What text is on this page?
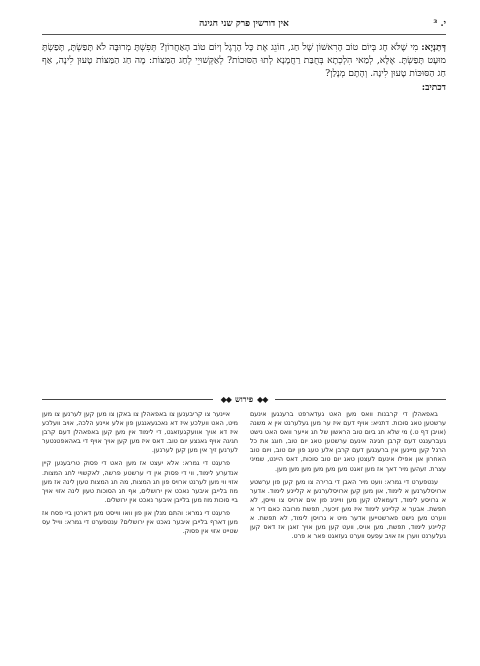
י. ³
אין דורשין פרק שני חגיגה
דְּתַנְיָא: מִי שֶׁלֹּא חָג בְּיוֹם טוֹב הָרִאשׁוֹן שֶׁל חַג, חוֹגֵג אֶת כָּל הָרֶגֶל וְיוֹם טוֹב הָאַחֲרוֹן? תְּפִשְׁתָּ מְרוּבָּה לֹא תָּפַשְׂתָּ, תָּפַשְׂתָּ מוּעָט תָּפַשְׂתָּ. אֶלָּא, לְמַאי הִלְכְתָא בְּחֻבַּת רַחֲמָנָא לְתוּ הַסּוּכוֹת? לְאַקְּשׁוּיֵי לְחַג הַמַּצּוֹת: מָה חַג הַמַּצּוֹת טָעוּן לִינָה, אַף חַג הַסּוּכּוֹת טָעוּן לִינָה. וְהָתָם מְנָלַן?
דכתיב:
◆◆ פירוש ◆◆

באפאהלן די קרבנות וואס מען האט געדארפט ברענגען אינעם ערשטען טאג סוכות. דתניא: אויף דעם איז ער מען געלערנט אין א משנה (אויבן דף ט.) מי שלא חג ביום טוב הראשון של חג אייער וואס האט נישט געברענגט דעם קרבן חגיגה אינעם ערשטען טאג יום טוב, חוגג את כל הרגל קען מיינען אין ברענגען דעם קרבן אלע טעג פון יום טוב, ויום טוב האחרון און אפילו אינעם לעצטן טאג יום טוב סוכות, דאס היינט, שמיני עצרת. זעהען מיר דאך אז מען זאגט מען מען מען מען מען מען.

ענטפערט די גמרא: וועט מיר האבן די ברירה צו מען קען פון ערשטע ארויסלערנען א לימוד, און מען קען ארויסלערנען א קליינע לימוד. אדער א גרויסע לימוד, דעמאלט קען מען ווייניג פון אים ארויס צו ווייסן, לא תפשת. אבער א קליינע לימוד איז מען זיכער, תפשת מרובה כאם דיר א ווערט מען נישט פארשטייען אדער מיט א גרויסן לימוד, לא תפשת. א קליינע לימוד, תפשת, מען אויס, וועט קען מען אויך זאגן אז דאס קען געלערנט ווערן אז אויב עפעס ווערט געזאגט פאר א פרט.

איינער צו קריבענען צו באפאהלן צו באקן צו מען קען לערנען צו מען מיט, האט וועלכע איז דא נאכגעאנגען פון אלע איינע הלכה, אויב וועלכע איז דא אויך אוועקגעזאגט, די לימוד אין מען קען באפאהלן דעם קרבן חגיגה אויף גאנצע יום טוב. דאס איז מען קען אויך אויף די באהאפטנטער לערנען זיך אין מען קען לערנען.

פרעגט די גמרא: אלא יעצט אז מען האט די פסוק טריבענען קיין אנדערע לימוד, ווי די פסוק אין די ערשטע פרשה, לאקשויי לחג המצות. אזוי ווי מען לערנט ארויס פון חג המצות, מה חג המצות טעון לינה אז מען מוז בלייבן איבער נאכט אין ירושלים, אף חג הסוכות טעון לינה אזוי אויך ביי סוכות מוז מען בלייבן איבער נאכט אין ירושלים.

פרעגט די גמרא: והתם מנלן און פון וואו ווייסט מען דארטן ביי פסח אז מען דארף בלייבן איבער נאכט אין ירושלים? ענטפערט די גמרא: ווייל עס שטייט אזוי אין פסוק.
